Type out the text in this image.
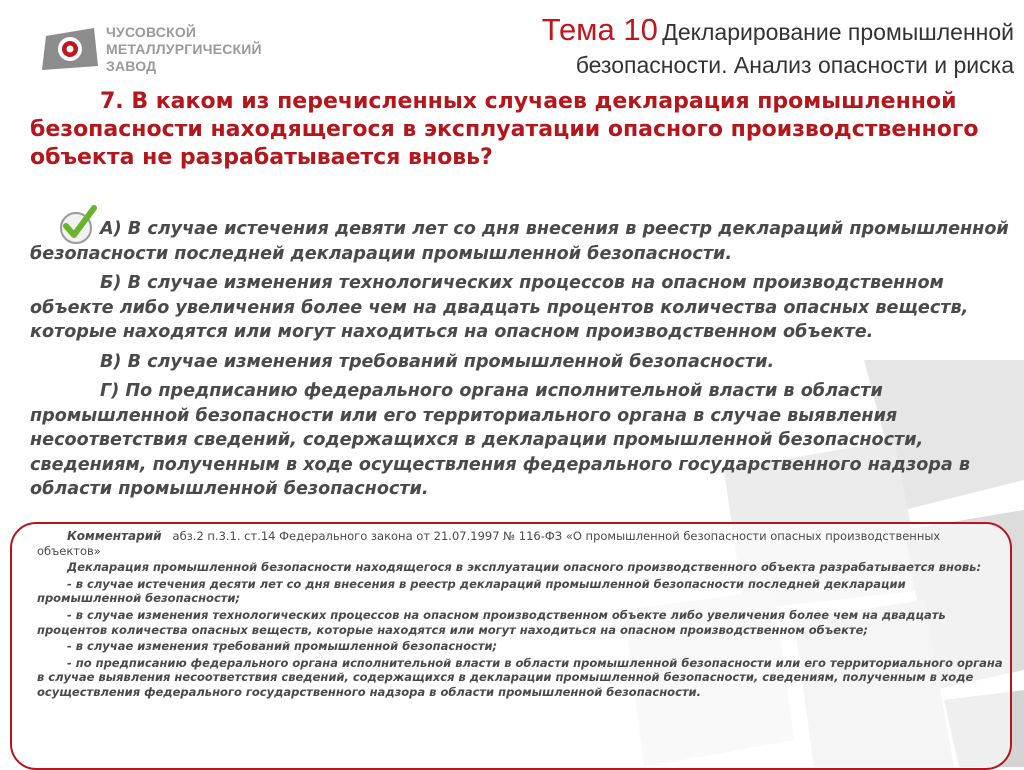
ЧУСОВСКОЙ
МЕТАЛЛУРГИЧЕСКИЙ
ЗАВОД
Тема 10 Декларирование промышленной
безопасности. Анализ опасности и риска

7. В каком из перечисленных случаев декларация промышленной безопасности находящегося в эксплуатации опасного производственного объекта не разрабатывается вновь?

А) В случае истечения девяти лет со дня внесения в реестр деклараций промышленной безопасности последней декларации промышленной безопасности.

Б) В случае изменения технологических процессов на опасном производственном объекте либо увеличения более чем на двадцать процентов количества опасных веществ, которые находятся или могут находиться на опасном производственном объекте.

В) В случае изменения требований промышленной безопасности.

Г) По предписанию федерального органа исполнительной власти в области промышленной безопасности или его территориального органа в случае выявления несоответствия сведений, содержащихся в декларации промышленной безопасности, сведениям, полученным в ходе осуществления федерального государственного надзора в области промышленной безопасности.

Комментарий абз.2 п.3.1. ст.14 Федерального закона от 21.07.1997 № 116-ФЗ «О промышленной безопасности опасных производственных объектов»

Декларация промышленной безопасности находящегося в эксплуатации опасного производственного объекта разрабатывается вновь:

- в случае истечения десяти лет со дня внесения в реестр деклараций промышленной безопасности последней декларации промышленной безопасности;

- в случае изменения технологических процессов на опасном производственном объекте либо увеличения более чем на двадцать процентов количества опасных веществ, которые находятся или могут находиться на опасном производственном объекте;

- в случае изменения требований промышленной безопасности;

- по предписанию федерального органа исполнительной власти в области промышленной безопасности или его территориального органа в случае выявления несоответствия сведений, содержащихся в декларации промышленной безопасности, сведениям, полученным в ходе осуществления федерального государственного надзора в области промышленной безопасности.
